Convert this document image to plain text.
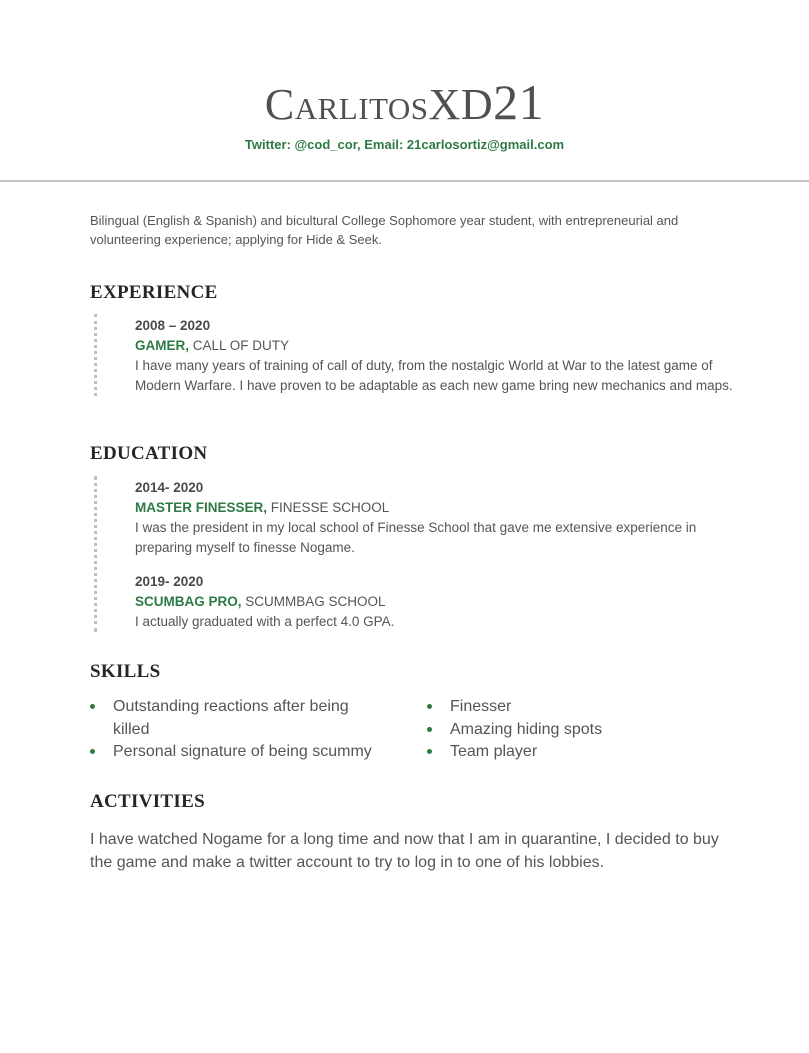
CarlitosXD21
Twitter: @cod_cor, Email: 21carlosortiz@gmail.com
Bilingual (English & Spanish) and bicultural College Sophomore year student, with entrepreneurial and volunteering experience; applying for Hide & Seek.
EXPERIENCE
2008 – 2020
GAMER, CALL OF DUTY
I have many years of training of call of duty, from the nostalgic World at War to the latest game of Modern Warfare. I have proven to be adaptable as each new game bring new mechanics and maps.
EDUCATION
2014- 2020
MASTER FINESSER, FINESSE SCHOOL
I was the president in my local school of Finesse School that gave me extensive experience in preparing myself to finesse Nogame.
2019- 2020
SCUMBAG PRO, SCUMMBAG SCHOOL
I actually graduated with a perfect 4.0 GPA.
SKILLS
Outstanding reactions after being killed
Personal signature of being scummy
Finesser
Amazing hiding spots
Team player
ACTIVITIES
I have watched Nogame for a long time and now that I am in quarantine, I decided to buy the game and make a twitter account to try to log in to one of his lobbies.
